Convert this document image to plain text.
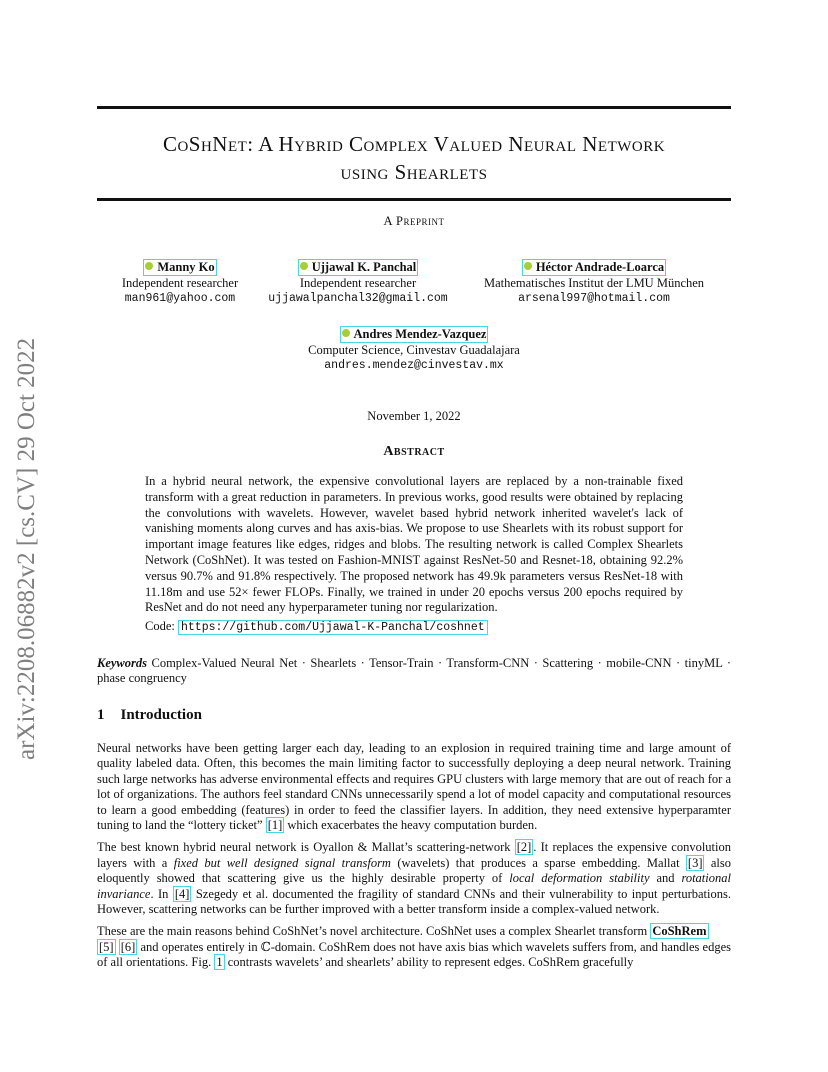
arXiv:2208.06882v2 [cs.CV] 29 Oct 2022
CoShNet: A Hybrid Complex Valued Neural Network
using Shearlets
A Preprint
Manny Ko
Independent researcher
man961@yahoo.com
Ujjawal K. Panchal
Independent researcher
ujjawalpanchal32@gmail.com
Héctor Andrade-Loarca
Mathematisches Institut der LMU München
arsenal997@hotmail.com
Andres Mendez-Vazquez
Computer Science, Cinvestav Guadalajara
andres.mendez@cinvestav.mx
November 1, 2022
Abstract

In a hybrid neural network, the expensive convolutional layers are replaced by a non-trainable fixed transform with a great reduction in parameters. In previous works, good results were obtained by replacing the convolutions with wavelets. However, wavelet based hybrid network inherited wavelet's lack of vanishing moments along curves and has axis-bias. We propose to use Shearlets with its robust support for important image features like edges, ridges and blobs. The resulting network is called Complex Shearlets Network (CoShNet). It was tested on Fashion-MNIST against ResNet-50 and Resnet-18, obtaining 92.2% versus 90.7% and 91.8% respectively. The proposed network has 49.9k parameters versus ResNet-18 with 11.18m and use 52× fewer FLOPs. Finally, we trained in under 20 epochs versus 200 epochs required by ResNet and do not need any hyperparameter tuning nor regularization.

Code: https://github.com/Ujjawal-K-Panchal/coshnet

Keywords Complex-Valued Neural Net · Shearlets · Tensor-Train · Transform-CNN · Scattering · mobile-CNN · tinyML · phase congruency
1 Introduction

Neural networks have been getting larger each day, leading to an explosion in required training time and large amount of quality labeled data. Often, this becomes the main limiting factor to successfully deploying a deep neural network. Training such large networks has adverse environmental effects and requires GPU clusters with large memory that are out of reach for a lot of organizations. The authors feel standard CNNs unnecessarily spend a lot of model capacity and computational resources to learn a good embedding (features) in order to feed the classifier layers. In addition, they need extensive hyperparamter tuning to land the “lottery ticket” [1] which exacerbates the heavy computation burden.

The best known hybrid neural network is Oyallon & Mallat’s scattering-network [2] . It replaces the expensive convolution layers with a fixed but well designed signal transform (wavelets) that produces a sparse embedding. Mallat [3] also eloquently showed that scattering give us the highly desirable property of local deformation stability and rotational invariance. In [4] Szegedy et al. documented the fragility of standard CNNs and their vulnerability to input perturbations. However, scattering networks can be further improved with a better transform inside a complex-valued network.

These are the main reasons behind CoShNet’s novel architecture. CoShNet uses a complex Shearlet transform CoShRem
[5] [6] and operates entirely in ℂ-domain. CoShRem does not have axis bias which wavelets suffers from, and handles edges of all orientations. Fig. 1 contrasts wavelets’ and shearlets’ ability to represent edges. CoShRem gracefully
